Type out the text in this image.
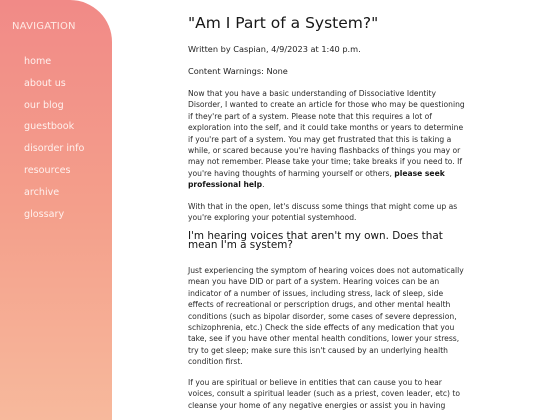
NAVIGATION
home
about us
our blog
guestbook
disorder info
resources
archive
glossary
"Am I Part of a System?"
Written by Caspian, 4/9/2023 at 1:40 p.m.
Content Warnings: None

Now that you have a basic understanding of Dissociative Identity Disorder, I wanted to create an article for those who may be questioning if they're part of a system. Please note that this requires a lot of exploration into the self, and it could take months or years to determine if you're part of a system. You may get frustrated that this is taking a while, or scared because you're having flashbacks of things you may or may not remember. Please take your time; take breaks if you need to. If you're having thoughts of harming yourself or others, please seek professional help.

With that in the open, let's discuss some things that might come up as you're exploring your potential systemhood.

I'm hearing voices that aren't my own. Does that mean I'm a system?

Just experiencing the symptom of hearing voices does not automatically mean you have DID or part of a system. Hearing voices can be an indicator of a number of issues, including stress, lack of sleep, side effects of recreational or perscription drugs, and other mental health conditions (such as bipolar disorder, some cases of severe depression, schizophrenia, etc.) Check the side effects of any medication that you take, see if you have other mental health conditions, lower your stress, try to get sleep; make sure this isn't caused by an underlying health condition first.

If you are spiritual or believe in entities that can cause you to hear voices, consult a spiritual leader (such as a priest, coven leader, etc) to cleanse your home of any negative energies or assist you in having
